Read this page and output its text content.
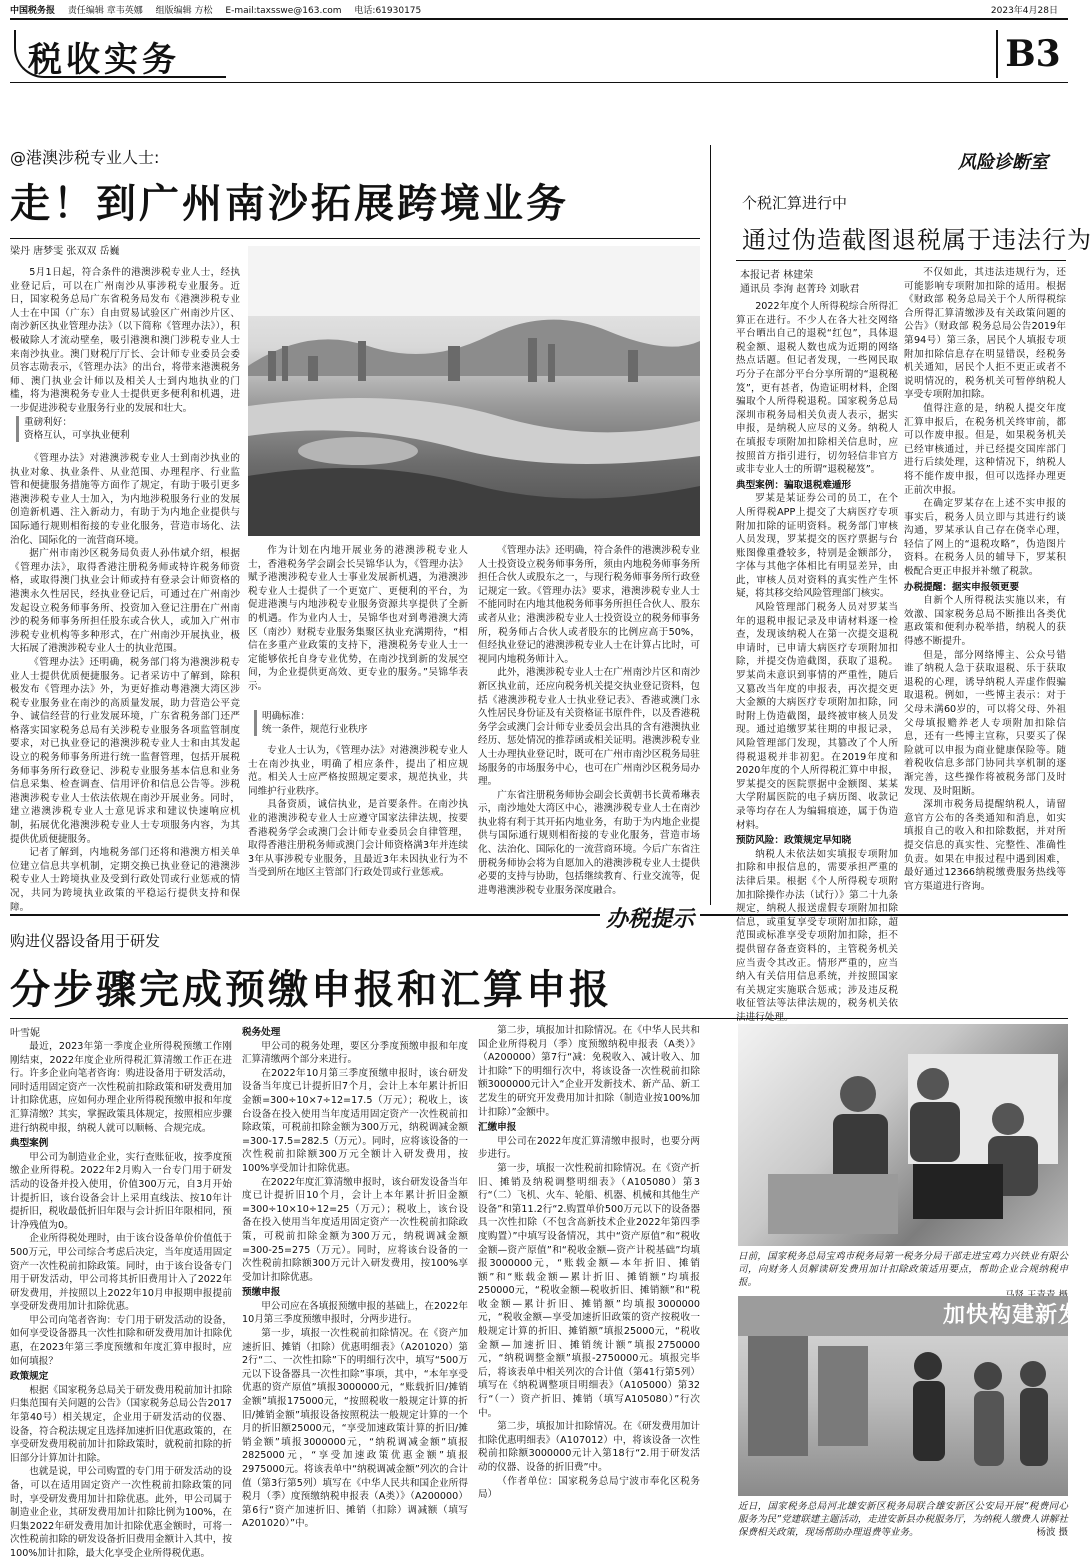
中国税务报 责任编辑 章韦英娜 组版编辑 方松 E-mail:taxsswe@163.com 电话:61930175	2023年4月28日
税收实务	B3
@港澳涉税专业人士:
走！到广州南沙拓展跨境业务
梁丹 唐梦雯 张双双 岳巍

5月1日起，符合条件的港澳涉税专业人士，经执业登记后，可以在广州南沙从事涉税专业服务。近日，国家税务总局广东省税务局发布《港澳涉税专业人士在中国（广东）自由贸易试验区广州南沙片区、南沙新区执业管理办法》（以下简称《管理办法》），积极破除人才流动壁垒，吸引港澳和澳门涉税专业人士来南沙执业。澳门财税厅厅长、会计师专业委员会委员容志勋表示，《管理办法》的出台，将带来港澳税务师、澳门执业会计师以及相关人士到内地执业的门槛，将为港澳税务专业人士提供更多便利和机遇，进一步促进涉税专业服务行业的发展和壮大。

重磅利好：
资格互认，可享执业便利

《管理办法》对港澳涉税专业人士到南沙执业的执业对象、执业条件、从业范围、办理程序、行业监管和便捷服务措施等方面作了规定，有助于吸引更多港澳涉税专业人士加入，为内地涉税服务行业的发展创造新机遇、注入新动力，有助于为内地企业提供与国际通行规则相衔接的专业化服务，营造市场化、法治化、国际化的一流营商环境。

据广州市南沙区税务局负责人孙伟斌介绍，根据《管理办法》，取得香港注册税务师或特许税务师资格，或取得澳门执业会计师或持有登录会计师资格的港澳永久性居民，经执业登记后，可通过在广州南沙发起设立税务师事务所、投资加入登记注册在广州南沙的税务师事务所担任股东或合伙人，或加入广州市涉税专业机构等多种形式，在广州南沙开展执业，极大拓展了港澳涉税专业人士的执业范围。

《管理办法》还明确，税务部门将为港澳涉税专业人士提供优质便捷服务。记者采访中了解到，除积极发布《管理办法》外，为更好推动粤港澳大湾区涉税专业服务业在南沙的高质量发展，助力营造公平竞争、诚信经营的行业发展环境，广东省税务部门还严格落实国家税务总局有关涉税专业服务各项监管制度要求，对已执业登记的港澳涉税专业人士和由其发起设立的税务师事务所进行统一监督管理，包括开展税务师事务所行政登记、涉税专业服务基本信息和业务信息采集、检查调查、信用评价和信息公告等。涉税港澳涉税专业人士依法依规在南沙开展业务。同时，建立港澳涉税专业人士意见诉求和建议快速响应机制，拓展优化港澳涉税专业人士专项服务内容，为其提供优质便捷服务。

记者了解到，内地税务部门还将和港澳方相关单位建立信息共享机制，定期交换已执业登记的港澳涉税专业人士跨境执业及受到行政处罚或行业惩戒的情况，共同为跨境执业政策的平稳运行提供支持和保障。

作为计划在内地开展业务的港澳涉税专业人士，香港税务学会副会长吴锦华认为，《管理办法》赋予港澳涉税专业人士事业发展新机遇，为港澳涉税专业人士提供了一个更宽广、更便利的平台，为促进港澳与内地涉税专业服务资源共享提供了全新的机遇。作为业内人士，吴锦华也对到粤港澳大湾区（南沙）财税专业服务集聚区执业充满期待，“相信在多重产业政策的支持下，港澳税务专业人士一定能够依托自身专业优势，在南沙找到新的发展空间，为企业提供更高效、更专业的服务。”吴锦华表示。

明确标准：
统一条件，规范行业秩序

专业人士认为，《管理办法》对港澳涉税专业人士在南沙执业，明确了相应条件，提出了相应规范。相关人士应严格按照规定要求，规范执业，共同维护行业秩序。

具备资质，诚信执业，是首要条件。在南沙执业的港澳涉税专业人士应遵守国家法律法规，按要香港税务学会或澳门会计师专业委员会自律管理，取得香港注册税务师或澳门会计师资格满3年并连续3年从事涉税专业服务，且最近3年未因执业行为不当受到所在地区主管部门行政处罚或行业惩戒。

《管理办法》还明确，符合条件的港澳涉税专业人士投资设立税务师事务所，须由内地税务师事务所担任合伙人或股东之一，与现行税务师事务所行政登记规定一致。《管理办法》要求，港澳涉税专业人士不能同时在内地其他税务师事务所担任合伙人、股东或者从业；港澳涉税专业人士投资设立的税务师事务所，税务师占合伙人或者股东的比例应高于50%，但经执业登记的港澳涉税专业人士在计算占比时，可视同内地税务师计入。

此外，港澳涉税专业人士在广州南沙片区和南沙新区执业前，还应向税务机关提交执业登记资料，包括《港澳涉税专业人士执业登记表》、香港或澳门永久性居民身份证及有关资格证书原件件，以及香港税务学会或澳门会计师专业委员会出具的含有港澳执业经历、惩处情况的推荐函或相关证明。港澳涉税专业人士办理执业登记时，既可在广州市南沙区税务局驻场服务的市场服务中心，也可在广州南沙区税务局办理。

广东省注册税务师协会副会长黄朝书长黄希琳表示，南沙地处大湾区中心，港澳涉税专业人士在南沙执业将有利于其开拓内地业务，有助于为内地企业提供与国际通行规则相衔接的专业化服务，营造市场化、法治化、国际化的一流营商环境。今后广东省注册税务师协会将为自愿加入的港澳涉税专业人士提供必要的支持与协助，包括继续教育、行业交流等，促进粤港澳涉税专业服务深度融合。

风险诊断室
个税汇算进行中
通过伪造截图退税属于违法行为
本报记者 林建荣
通讯员 李洵 赵菁玲 刘耿君

2022年度个人所得税综合所得汇算正在进行。不少人在各大社交网络平台晒出自己的退税“红包”，具体退税金额、退税人数也成为近期的网络热点话题。但记者发现，一些网民取巧分子在部分平台分享所谓的“退税秘笈”，更有甚者，伪造证明材料，企图骗取个人所得税退税。国家税务总局深圳市税务局相关负责人表示，据实申报，是纳税人应尽的义务。纳税人在填报专项附加扣除相关信息时，应按照首方指引进行，切勿轻信非官方或非专业人士的所谓“退税秘笈”。

典型案例：骗取退税难遁形

罗某是某证券公司的员工，在个人所得税APP上提交了大病医疗专项附加扣除的证明资料。税务部门审核人员发现，罗某提交的医疗票据与台账图像重叠较多，特别是金额部分，字体与其他字体相比有明显差异，由此，审核人员对资料的真实性产生怀疑，将其移交给风险管理部门核实。

风险管理部门税务人员对罗某当年的退税申报记录及申请材料逐一检查，发现该纳税人在第一次提交退税申请时，已申请大病医疗专项附加扣除，并提交伪造截图，获取了退税。罗某尚未意识到事情的严重性，随后又篡改当年度的申报表，再次提交更大金额的大病医疗专项附加扣除，同时附上伪造截图，最终被审核人员发现。通过追缴罗某往期的申报记录，风险管理部门发现，其篡改了个人所得税退税并非初犯。在2019年度和2020年度的个人所得税汇算中申报，罗某提交的医院票据中金额图、某某大学附属医院的电子病历图、收款记录等均存在人为编辑痕迹，属于伪造材料。

预防风险：政策规定早知晓

纳税人未依法如实填报专项附加扣除和申报信息的，需要承担严重的法律后果。根据《个人所得税专项附加扣除操作办法（试行）》第二十九条规定，纳税人报送虚假专项附加扣除信息，或重复享受专项附加扣除，超范围或标准享受专项附加扣除，拒不提供留存备查资料的，主管税务机关应当责令其改正。情形严重的，应当纳入有关信用信息系统，并按照国家有关规定实施联合惩戒；涉及违反税收征管法等法律法规的，税务机关依法进行处理。

不仅如此，其违法违规行为，还可能影响专项附加扣除的适用。根据《财政部 税务总局关于个人所得税综合所得汇算清缴涉及有关政策问题的公告》（财政部 税务总局公告2019年第94号）第三条，居民个人填报专项附加扣除信息存在明显错误，经税务机关通知，居民个人拒不更正或者不说明情况的，税务机关可暂停纳税人享受专项附加扣除。

值得注意的是，纳税人提交年度汇算申报后，在税务机关终审前，都可以作废申报。但是，如果税务机关已经审核通过，并已经提交国库部门进行后续处理，这种情况下，纳税人将不能作废申报，但可以选择办理更正前次申报。

在确定罗某存在上述不实申报的事实后，税务人员立即与其进行约谈沟通，罗某承认自己存在侥幸心理，轻信了网上的“退税攻略”，伪造图片资料。在税务人员的辅导下，罗某积极配合更正申报并补缴了税款。

办税提醒：据实申报领更要

自新个人所得税法实施以来，有效激、国家税务总局不断推出各类优惠政策和便利办税举措，纳税人的获得感不断提升。

但是，部分网络博主、公众号错谁了纳税人急于获取退税、乐于获取退税的心理，诱导纳税人弄虚作假骗取退税。例如，一些博主表示：对于父母未满60岁的，可以将父母、外祖父母填报赡养老人专项附加扣除信息，还有一些博主宣称，只要买了保险就可以申报为商业健康保险等。随着税收信息多部门协同共享机制的逐渐完善，这些操作将被税务部门及时发现、及时阻断。

深圳市税务局提醒纳税人，请留意官方公布的各类通知和消息，如实填报自己的收入和扣除数据，并对所提交信息的真实性、完整性、准确性负责。如果在申报过程中遇到困难，最好通过12366纳税缴费服务热线等官方渠道进行咨询。

办税提示
购进仪器设备用于研发
分步骤完成预缴申报和汇算申报
叶雪妮

最近，2023年第一季度企业所得税预缴工作刚刚结束，2022年度企业所得税汇算清缴工作正在进行。许多企业向笔者咨询：购进设备用于研发活动，同时适用固定资产一次性税前扣除政策和研发费用加计扣除优惠，应如何办理企业所得税预缴申报和年度汇算清缴？其实，掌握政策具体规定，按照相应步骤进行纳税申报，纳税人就可以顺畅、合规完成。

典型案例

甲公司为制造业企业，实行查账征收，按季度预缴企业所得税。2022年2月购入一台专门用于研发活动的设备并投入使用，价值300万元，自3月开始计提折旧，该台设备会计上采用直线法、按10年计提折旧，税收最低折旧年限与会计折旧年限相同，预计净残值为0。

企业所得税处理时，由于该台设备单价价值低于500万元，甲公司综合考虑后决定，当年度适用固定资产一次性税前扣除政策。同时，由于该台设备专门用于研发活动，甲公司将其折旧费用计入了2022年研发费用，并按照以上2022年10月申报期申报提前享受研发费用加计扣除优惠。

甲公司向笔者咨询：专门用于研发活动的设备，如何享受设备器具一次性扣除和研发费用加计扣除优惠，在2023年第三季度预缴和年度汇算申报时，应如何填报？

政策规定

根据《国家税务总局关于研发费用税前加计扣除归集范围有关问题的公告》（国家税务总局公告2017年第40号）相关规定，企业用于研发活动的仪器、设备，符合税法规定且选择加速折旧优惠政策的，在享受研发费用税前加计扣除政策时，就税前扣除的折旧部分计算加计扣除。

也就是说，甲公司购置的专门用于研发活动的设备，可以在适用固定资产一次性税前扣除政策的同时，享受研发费用加计扣除优惠。此外，甲公司属于制造业企业，其研发费用加计扣除比例为100%，在归集2022年研发费用加计扣除优惠金额时，可将一次性税前扣除的研发设备折旧费用金额计入其中，按100%加计扣除，最大化享受企业所得税优惠。

税务处理

甲公司的税务处理，要区分季度预缴申报和年度汇算清缴两个部分来进行。

在2022年10月第三季度预缴申报时，该台研发设备当年度已计提折旧7个月，会计上本年累计折旧金额=300÷10×7÷12=17.5（万元）；税收上，该台设备在投入使用当年度适用固定资产一次性税前扣除政策，可税前扣除金额为300万元，纳税调减金额=300-17.5=282.5（万元）。同时，应将该设备的一次性税前扣除额300万元全额计入研发费用，按100%享受加计扣除优惠。

在2022年度汇算清缴申报时，该台研发设备当年度已计提折旧10个月，会计上本年累计折旧金额=300÷10×10÷12=25（万元）；税收上，该台设备在投入使用当年度适用固定资产一次性税前扣除政策，可税前扣除金额为300万元，纳税调减金额=300-25=275（万元）。同时，应将该台设备的一次性税前扣除额300万元计入研发费用，按100%享受加计扣除优惠。

预缴申报

甲公司应在各填报预缴申报的基础上，在2022年10月第三季度预缴申报时，分两步进行。

第一步，填报一次性税前扣除情况。在《资产加速折旧、摊销（扣除）优惠明细表》（A201020）第2行“二、一次性扣除”下的明细行次中，填写“500万元以下设备器具一次性扣除”事项，其中，“本年享受优惠的资产原值”填报3000000元，“账载折旧/摊销金额”填报175000元，“按照税收一般规定计算的折旧/摊销金额”填报设备按照税法一般规定计算的一个月的折旧额25000元，“享受加速政策计算的折旧/摊销金额”填报3000000元，“纳税调减金额”填报2825000元，“享受加速政策优惠金额”填报2975000元。将该表单中“纳税调减金额”列次的合计值（第3行第5列）填写在《中华人民共和国企业所得税月（季）度预缴纳税申报表（A类）》（A200000）第6行“资产加速折旧、摊销（扣除）调减额（填写A201020）”中。

第二步，填报加计扣除情况。在《中华人民共和国企业所得税月（季）度预缴纳税申报表（A类）》（A200000）第7行“减：免税收入、减计收入、加计扣除”下的明细行次中，将该设备一次性税前扣除额3000000元计入“企业开发新技术、新产品、新工艺发生的研究开发费用加计扣除（制造业按100%加计扣除）”金额中。

汇缴申报

甲公司在2022年度汇算清缴申报时，也要分两步进行。

第一步，填报一次性税前扣除情况。在《资产折旧、摊销及纳税调整明细表》（A105080）第3行“（二）飞机、火车、轮船、机器、机械和其他生产设备”和第11.2行“2.购置单价500万元以下的设备器具一次性扣除（不包含高新技术企业2022年第四季度购置）”中填写设备情况，其中“资产原值”和“税收金额—资产原值”和“税收金额—资产计税基础”均填报3000000元，“账载金额—本年折旧、摊销额”和“账载金额—累计折旧、摊销额”均填报250000元，“税收金额—税收折旧、摊销额”和“税收金额—累计折旧、摊销额”均填报3000000元，“税收金额—享受加速折旧政策的资产按税收一般规定计算的折旧、摊销额”填报25000元，“税收金额—加速折旧、摊销统计额”填报2750000元，“纳税调整金额”填报-2750000元。填报完毕后，将该表单中相关列次的合计值（第41行第5列）填写在《纳税调整项目明细表》（A105000）第32行“（一）资产折旧、摊销（填写A105080）”行次中。

第二步，填报加计扣除情况。在《研发费用加计扣除优惠明细表》（A107012）中，将该设备一次性税前扣除额3000000元计入第18行“2.用于研发活动的仪器、设备的折旧费”中。

（作者单位：国家税务总局宁波市奉化区税务局）

日前，国家税务总局宝鸡市税务局第一税务分局干部走进宝鸡力兴铁业有限公司，向财务人员解读研发费用加计扣除政策适用要点，帮助企业合规纳税申报。
加快构建新发
近日，国家税务总局河北雄安新区税务局联合雄安新区公安局开展“税费同心 服务为民”党建联建主题活动，走进安新县办税服务厅，为纳税人缴费人讲解社保费相关政策，现场帮助办理退费等业务。	杨波 摄
